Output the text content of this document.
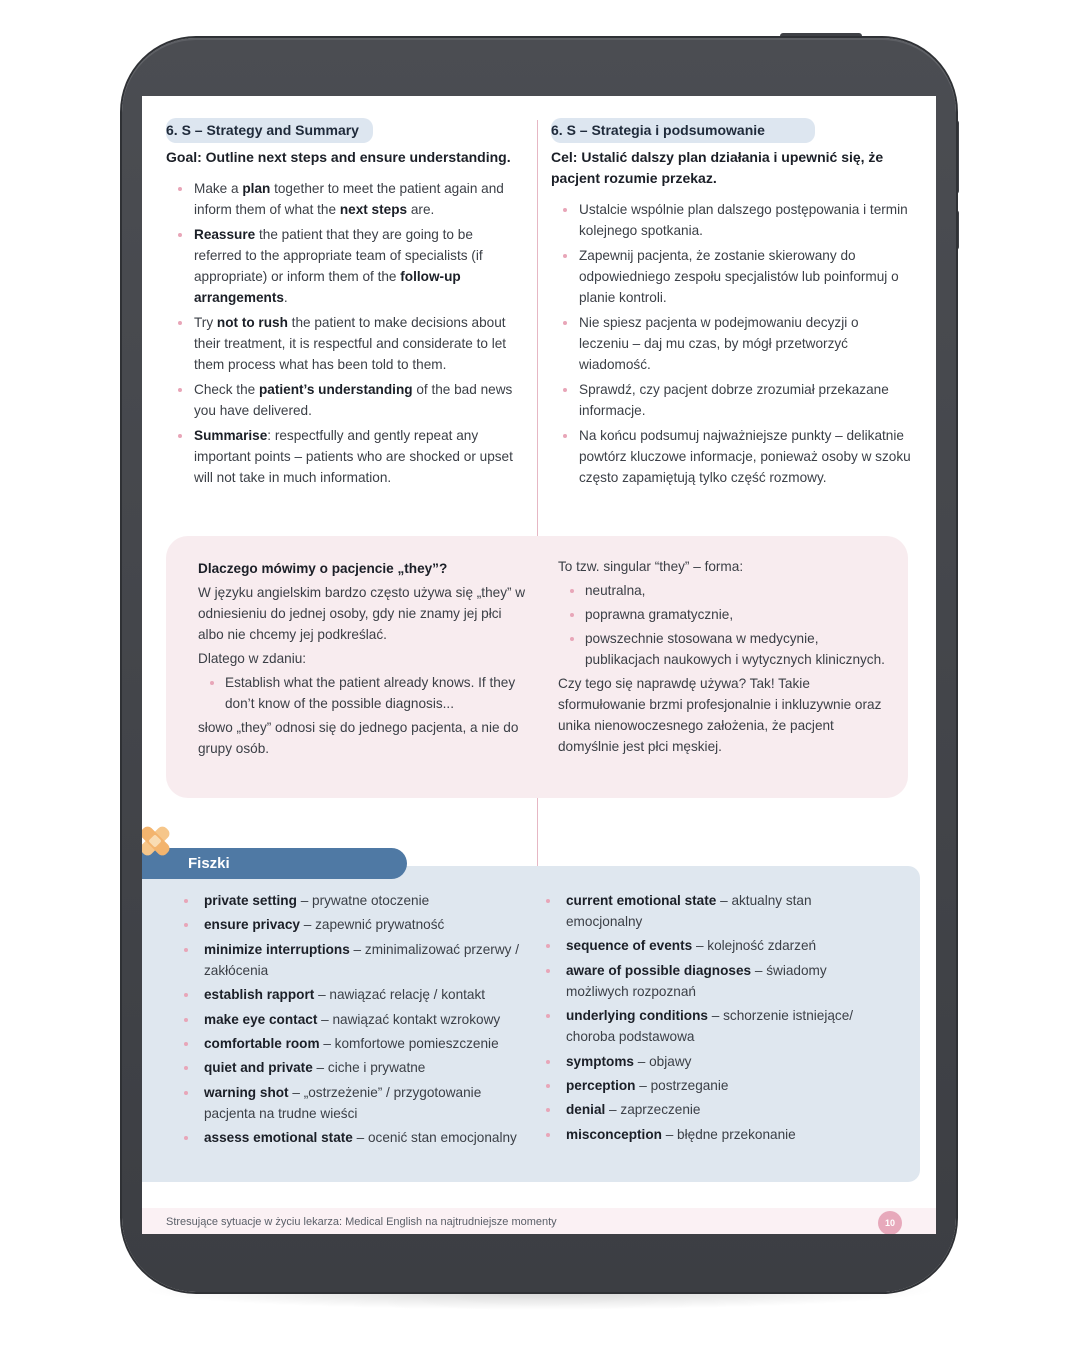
6. S – Strategy and Summary
Goal: Outline next steps and ensure understanding.
Make a plan together to meet the patient again and inform them of what the next steps are.
Reassure the patient that they are going to be referred to the appropriate team of specialists (if appropriate) or inform them of the follow-up arrangements.
Try not to rush the patient to make decisions about their treatment, it is respectful and considerate to let them process what has been told to them.
Check the patient’s understanding of the bad news you have delivered.
Summarise: respectfully and gently repeat any important points – patients who are shocked or upset will not take in much information.
6. S – Strategia i podsumowanie
Cel: Ustalić dalszy plan działania i upewnić się, że pacjent rozumie przekaz.
Ustalcie wspólnie plan dalszego postępowania i termin kolejnego spotkania.
Zapewnij pacjenta, że zostanie skierowany do odpowiedniego zespołu specjalistów lub poinformuj o planie kontroli.
Nie spiesz pacjenta w podejmowaniu decyzji o leczeniu – daj mu czas, by mógł przetworzyć wiadomość.
Sprawdź, czy pacjent dobrze zrozumiał przekazane informacje.
Na końcu podsumuj najważniejsze punkty – delikatnie powtórz kluczowe informacje, ponieważ osoby w szoku często zapamiętują tylko część rozmowy.
Dlaczego mówimy o pacjencie „they”?

W języku angielskim bardzo często używa się „they” w odniesieniu do jednej osoby, gdy nie znamy jej płci albo nie chcemy jej podkreślać.

Dlatego w zdaniu:

Establish what the patient already knows. If they don’t know of the possible diagnosis...

słowo „they” odnosi się do jednego pacjenta, a nie do grupy osób.

To tzw. singular “they” – forma:

neutralna,
poprawna gramatycznie,
powszechnie stosowana w medycynie, publikacjach naukowych i wytycznych klinicznych.

Czy tego się naprawdę używa? Tak! Takie sformułowanie brzmi profesjonalnie i inkluzywnie oraz unika nienowoczesnego założenia, że pacjent domyślnie jest płci męskiej.

private setting – prywatne otoczenie
ensure privacy – zapewnić prywatność
minimize interruptions – zminimalizować przerwy / zakłócenia
establish rapport – nawiązać relację / kontakt
make eye contact – nawiązać kontakt wzrokowy
comfortable room – komfortowe pomieszczenie
quiet and private – ciche i prywatne
warning shot – „ostrzeżenie” / przygotowanie pacjenta na trudne wieści
assess emotional state – ocenić stan emocjonalny
current emotional state – aktualny stan emocjonalny
sequence of events – kolejność zdarzeń
aware of possible diagnoses – świadomy możliwych rozpoznań
underlying conditions – schorzenie istniejące/ choroba podstawowa
symptoms – objawy
perception – postrzeganie
denial – zaprzeczenie
misconception – błędne przekonanie
Fiszki
Stresujące sytuacje w życiu lekarza: Medical English na najtrudniejsze momenty	10
